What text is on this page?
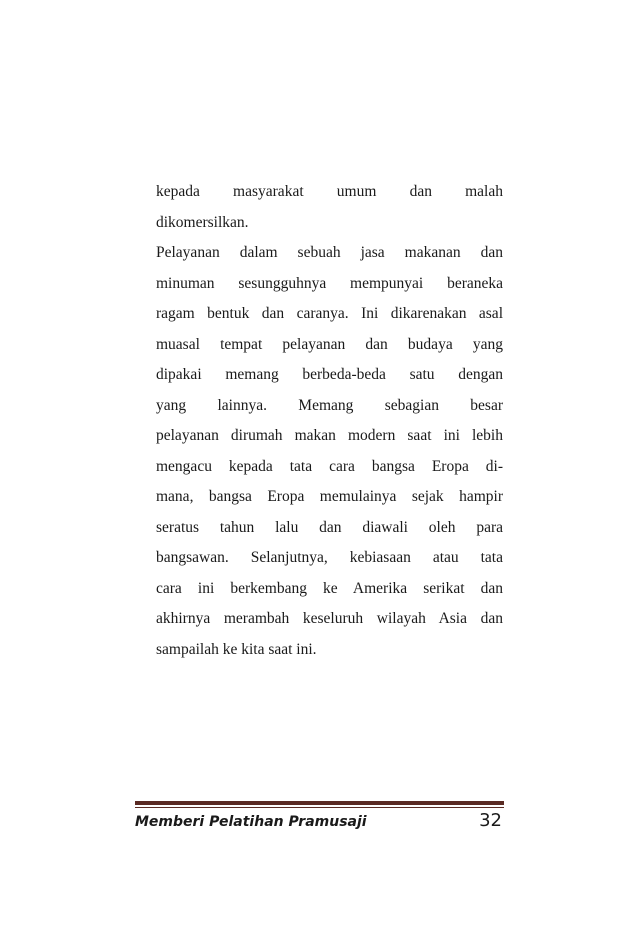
kepada masyarakat umum dan malah
dikomersilkan.
Pelayanan dalam sebuah jasa makanan dan
minuman sesungguhnya mempunyai beraneka
ragam bentuk dan caranya. Ini dikarenakan asal
muasal tempat pelayanan dan budaya yang
dipakai memang berbeda-beda satu dengan
yang lainnya. Memang sebagian besar
pelayanan dirumah makan modern saat ini lebih
mengacu kepada tata cara bangsa Eropa di-
mana, bangsa Eropa memulainya sejak hampir
seratus tahun lalu dan diawali oleh para
bangsawan. Selanjutnya, kebiasaan atau tata
cara ini berkembang ke Amerika serikat dan
akhirnya merambah keseluruh wilayah Asia dan
sampailah ke kita saat ini.
Memberi Pelatihan Pramusaji	32
